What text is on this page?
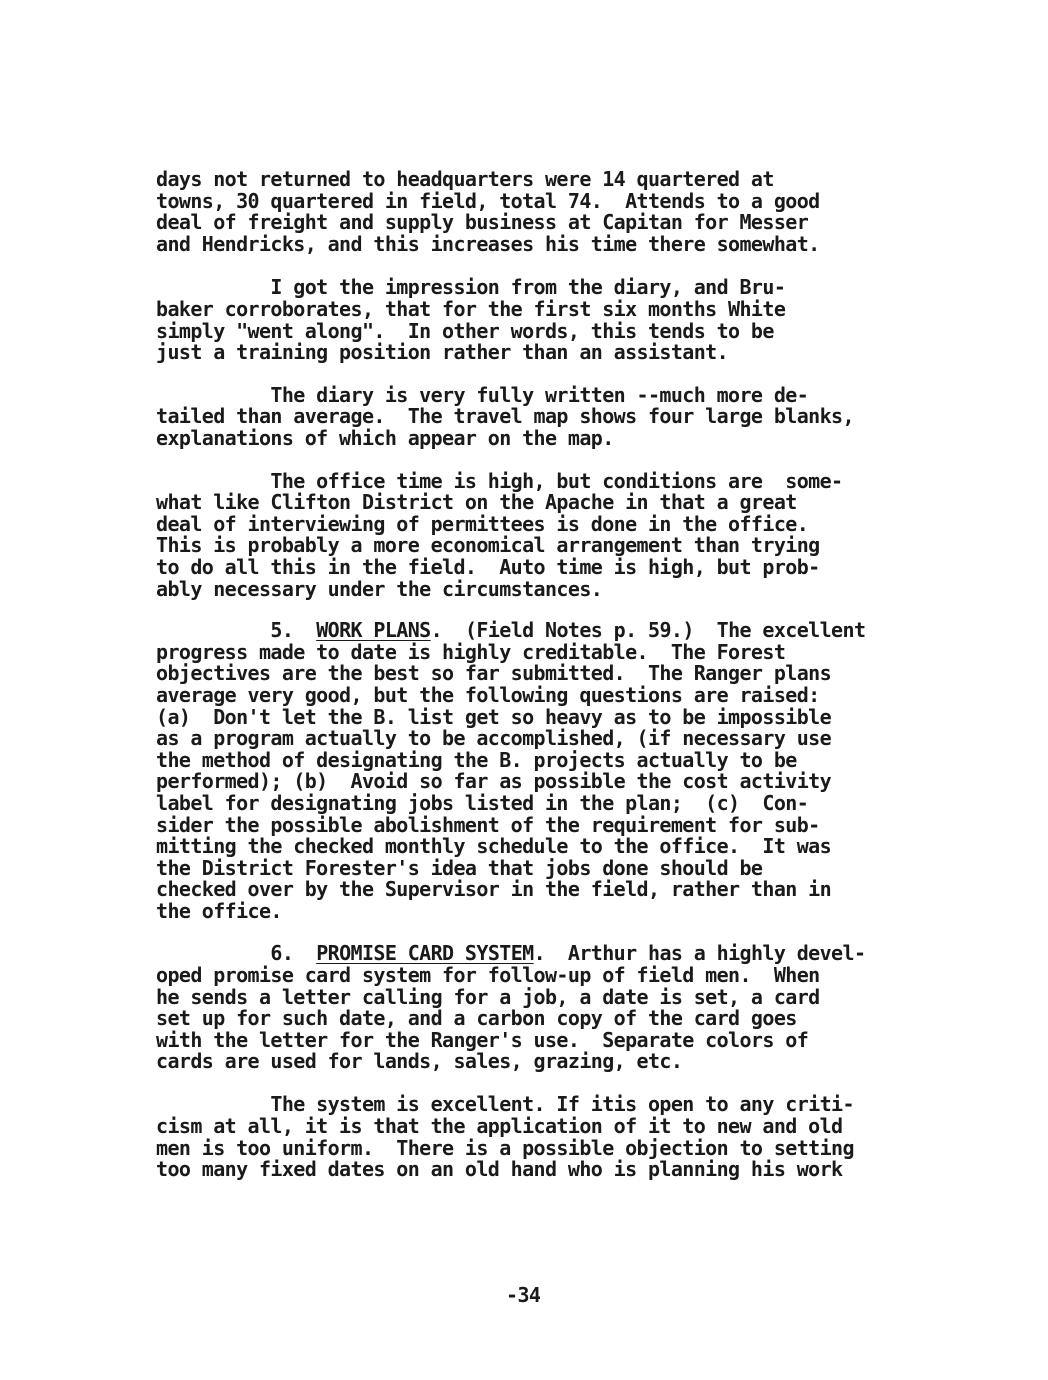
days not returned to headquarters were 14 quartered at
towns, 30 quartered in field, total 74.  Attends to a good
deal of freight and supply business at Capitan for Messer
and Hendricks, and this increases his time there somewhat.
I got the impression from the diary, and Bru-
baker corroborates, that for the first six months White
simply "went along".  In other words, this tends to be
just a training position rather than an assistant.
The diary is very fully written --much more de-
tailed than average.  The travel map shows four large blanks,
explanations of which appear on the map.
The office time is high, but conditions are  some-
what like Clifton District on the Apache in that a great
deal of interviewing of permittees is done in the office.
This is probably a more economical arrangement than trying
to do all this in the field.  Auto time is high, but prob-
ably necessary under the circumstances.
5. WORK PLANS.  (Field Notes p. 59.)  The excellent
progress made to date is highly creditable.  The Forest
objectives are the best so far submitted.  The Ranger plans
average very good, but the following questions are raised:
(a)  Don't let the B. list get so heavy as to be impossible
as a program actually to be accomplished, (if necessary use
the method of designating the B. projects actually to be
performed); (b)  Avoid so far as possible the cost activity
label for designating jobs listed in the plan;  (c)  Con-
sider the possible abolishment of the requirement for sub-
mitting the checked monthly schedule to the office.  It was
the District Forester's idea that jobs done should be
checked over by the Supervisor in the field, rather than in
the office.
6. PROMISE CARD SYSTEM.  Arthur has a highly devel-
oped promise card system for follow-up of field men.  When
he sends a letter calling for a job, a date is set, a card
set up for such date, and a carbon copy of the card goes
with the letter for the Ranger's use.  Separate colors of
cards are used for lands, sales, grazing, etc.
The system is excellent. If itis open to any criti-
cism at all, it is that the application of it to new and old
men is too uniform.  There is a possible objection to setting
too many fixed dates on an old hand who is planning his work
-34
